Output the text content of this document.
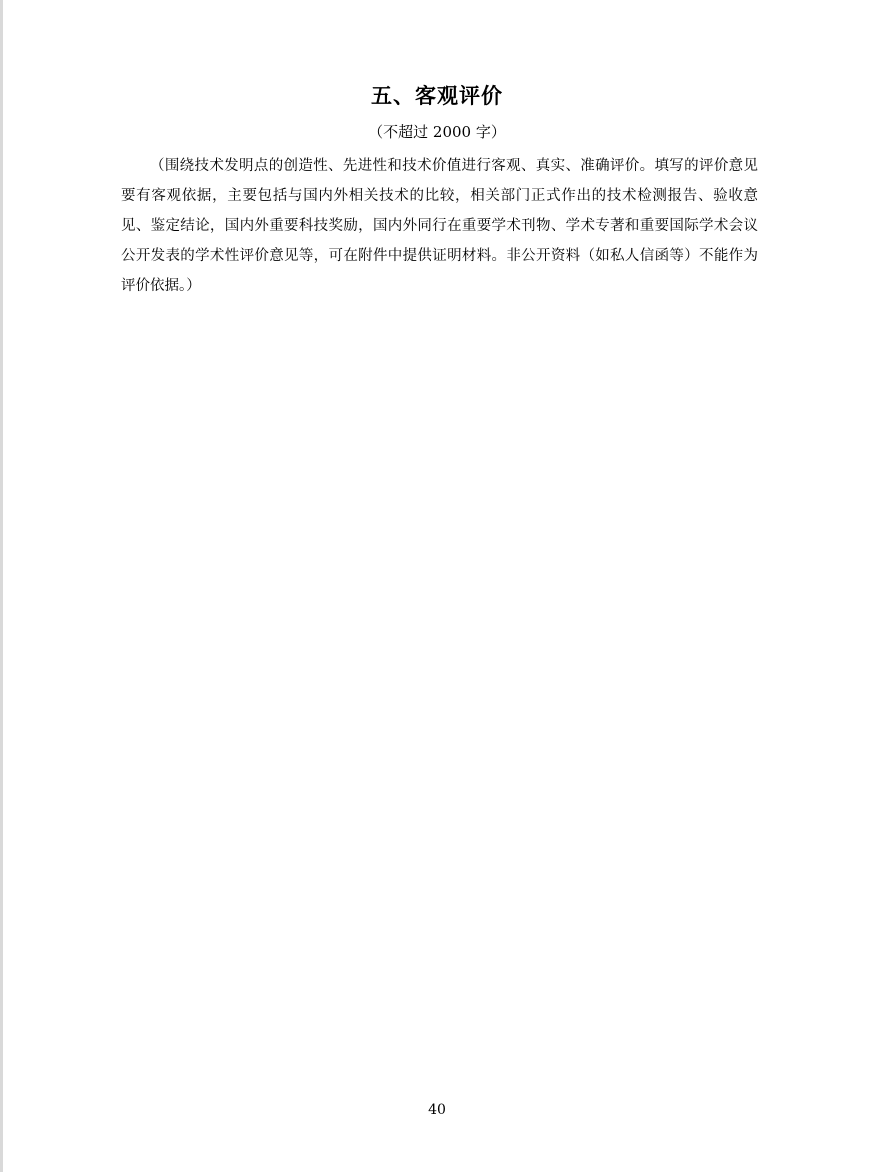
五、客观评价
（不超过 2000 字）
（围绕技术发明点的创造性、先进性和技术价值进行客观、真实、准确评价。填写的评价意见要有客观依据，主要包括与国内外相关技术的比较，相关部门正式作出的技术检测报告、验收意见、鉴定结论，国内外重要科技奖励，国内外同行在重要学术刊物、学术专著和重要国际学术会议公开发表的学术性评价意见等，可在附件中提供证明材料。非公开资料（如私人信函等）不能作为评价依据。）
40
